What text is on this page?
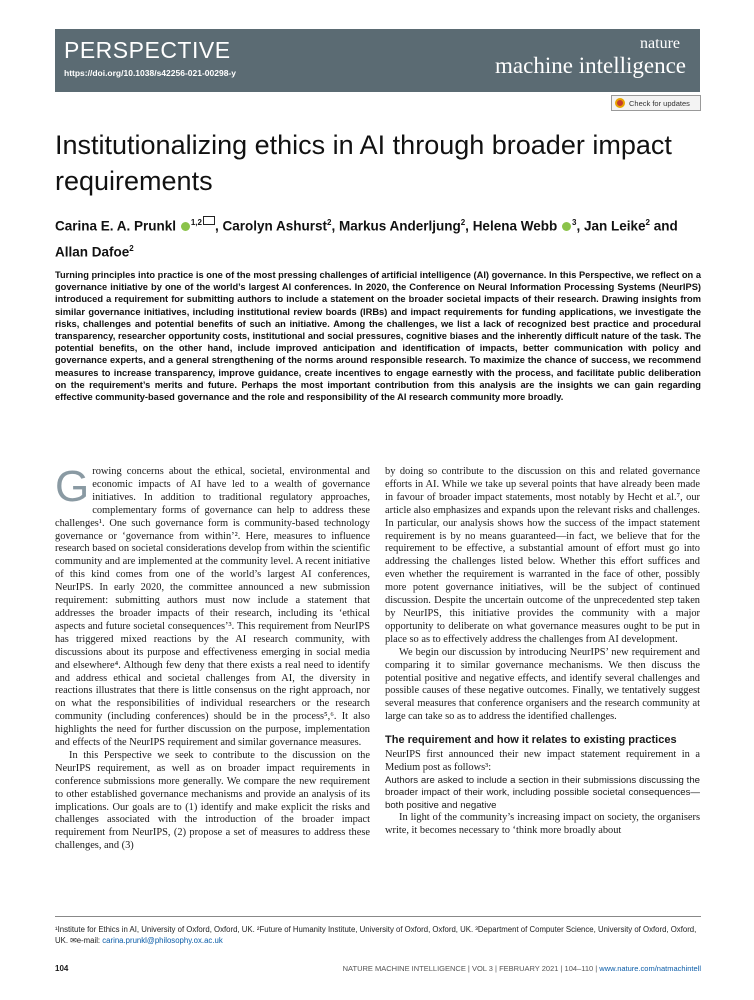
PERSPECTIVE
https://doi.org/10.1038/s42256-021-00298-y
nature
machine intelligence
Check for updates
Institutionalizing ethics in AI through broader impact requirements
Carina E. A. Prunkl $^{1,2}$ , Carolyn Ashurst$^2$, Markus Anderljung$^2$, Helena Webb $^3$, Jan Leike$^2$ and
Allan Dafoe$^2$

Turning principles into practice is one of the most pressing challenges of artificial intelligence (AI) governance. In this Perspective, we reflect on a governance initiative by one of the world’s largest AI conferences. In 2020, the Conference on Neural Information Processing Systems (NeurIPS) introduced a requirement for submitting authors to include a statement on the broader societal impacts of their research. Drawing insights from similar governance initiatives, including institutional review boards (IRBs) and impact requirements for funding applications, we investigate the risks, challenges and potential benefits of such an initiative. Among the challenges, we list a lack of recognized best practice and procedural transparency, researcher opportunity costs, institutional and social pressures, cognitive biases and the inherently difficult nature of the task. The potential benefits, on the other hand, include improved anticipation and identification of impacts, better communication with policy and governance experts, and a general strengthening of the norms around responsible research. To maximize the chance of success, we recommend measures to increase transparency, improve guidance, create incentives to engage earnestly with the process, and facilitate public deliberation on the requirement’s merits and future. Perhaps the most important contribution from this analysis are the insights we can gain regarding effective community-based governance and the role and responsibility of the AI research community more broadly.

Growing concerns about the ethical, societal, environmental and economic impacts of AI have led to a wealth of governance initiatives. In addition to traditional regulatory approaches, complementary forms of governance can help to address these challenges¹. One such governance form is community-based technology governance or ‘governance from within’². Here, measures to influence research based on societal considerations develop from within the scientific community and are implemented at the community level. A recent initiative of this kind comes from one of the world’s largest AI conferences, NeurIPS. In early 2020, the committee announced a new submission requirement: submitting authors must now include a statement that addresses the broader impacts of their research, including its ‘ethical aspects and future societal consequences’³. This requirement from NeurIPS has triggered mixed reactions by the AI research community, with discussions about its purpose and effectiveness emerging in social media and elsewhere⁴. Although few deny that there exists a real need to identify and address ethical and societal challenges from AI, the diversity in reactions illustrates that there is little consensus on the right approach, nor on what the responsibilities of individual researchers or the research community (including conferences) should be in the process⁵,⁶. It also highlights the need for further discussion on the purpose, implementation and effects of the NeurIPS requirement and similar governance measures.

In this Perspective we seek to contribute to the discussion on the NeurIPS requirement, as well as on broader impact requirements in conference submissions more generally. We compare the new requirement to other established governance mechanisms and provide an analysis of its implications. Our goals are to (1) identify and make explicit the risks and challenges associated with the introduction of the broader impact requirement from NeurIPS, (2) propose a set of measures to address these challenges, and (3)

by doing so contribute to the discussion on this and related governance efforts in AI. While we take up several points that have already been made in favour of broader impact statements, most notably by Hecht et al.⁷, our article also emphasizes and expands upon the relevant risks and challenges. In particular, our analysis shows how the success of the impact statement requirement is by no means guaranteed—in fact, we believe that for the requirement to be effective, a substantial amount of effort must go into addressing the challenges listed below. Whether this effort suffices and even whether the requirement is warranted in the face of other, possibly more potent governance initiatives, will be the subject of continued discussion. Despite the uncertain outcome of the unprecedented step taken by NeurIPS, this initiative provides the community with a major opportunity to deliberate on what governance measures ought to be put in place so as to effectively address the challenges from AI development.

We begin our discussion by introducing NeurIPS’ new requirement and comparing it to similar governance mechanisms. We then discuss the potential positive and negative effects, and identify several challenges and possible causes of these negative outcomes. Finally, we tentatively suggest several measures that conference organisers and the research community at large can take so as to address the identified challenges.

The requirement and how it relates to existing practices

NeurIPS first announced their new impact statement requirement in a Medium post as follows³:

Authors are asked to include a section in their submissions discussing the broader impact of their work, including possible societal consequences—both positive and negative

In light of the community’s increasing impact on society, the organisers write, it becomes necessary to ‘think more broadly about

¹Institute for Ethics in AI, University of Oxford, Oxford, UK. ²Future of Humanity Institute, University of Oxford, Oxford, UK. ³Department of Computer Science, University of Oxford, Oxford, UK. ✉e-mail: carina.prunkl@philosophy.ox.ac.uk

104	NATURE MACHINE INTELLIGENCE | VOL 3 | FEBRUARY 2021 | 104–110 | www.nature.com/natmachintell
